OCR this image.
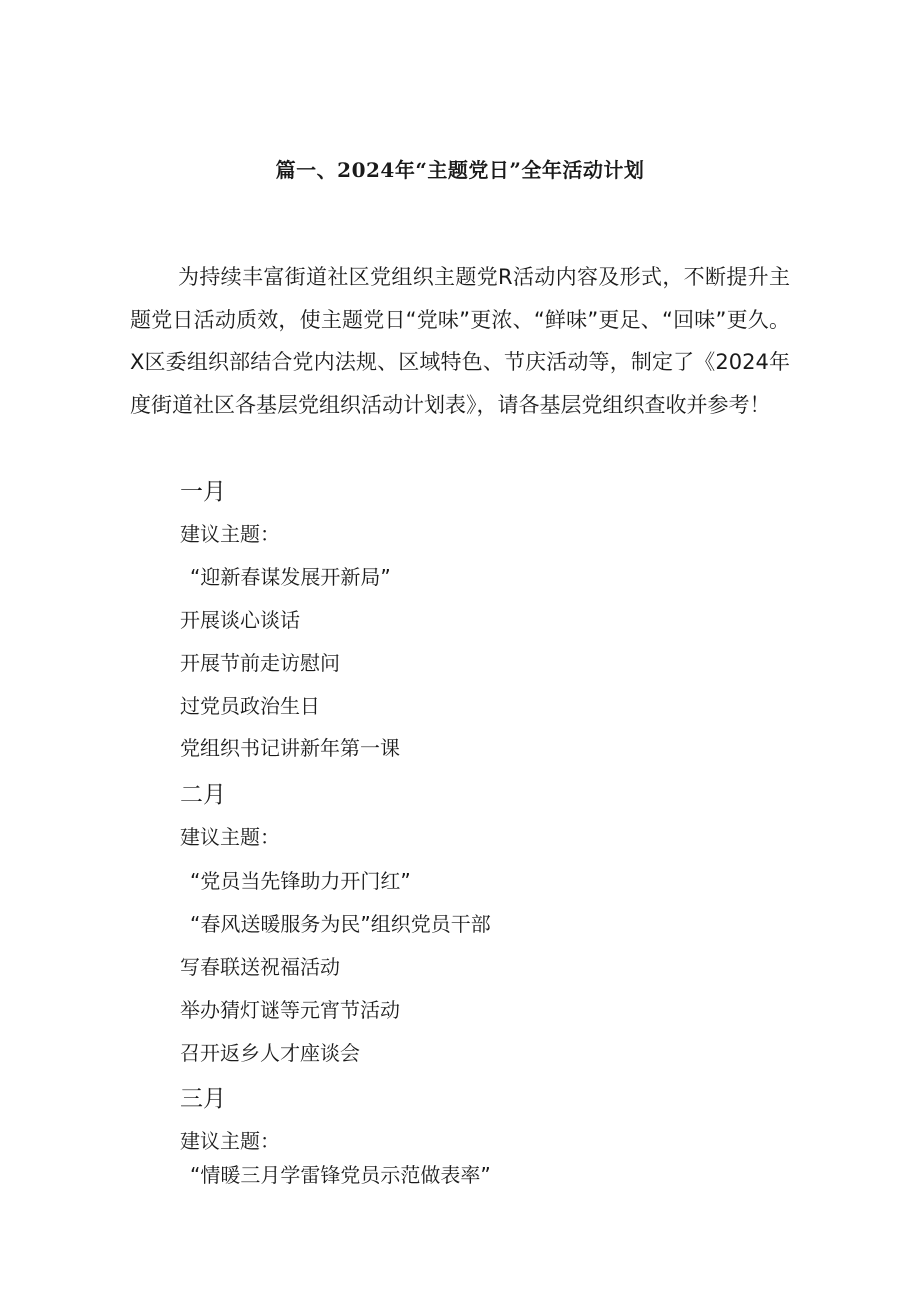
篇一、2024年“主题党日”全年活动计划

为持续丰富街道社区党组织主题党R活动内容及形式，不断提升主题党日活动质效，使主题党日“党味”更浓、“鲜味”更足、“回味”更久。X区委组织部结合党内法规、区域特色、节庆活动等，制定了《2024年度街道社区各基层党组织活动计划表》，请各基层党组织查收并参考！

一月
建议主题：
“迎新春谋发展开新局”
开展谈心谈话
开展节前走访慰问
过党员政治生日
党组织书记讲新年第一课
二月
建议主题：
“党员当先锋助力开门红”
“春风送暖服务为民”组织党员干部
写春联送祝福活动
举办猜灯谜等元宵节活动
召开返乡人才座谈会
三月
建议主题：
“情暖三月学雷锋党员示范做表率”
